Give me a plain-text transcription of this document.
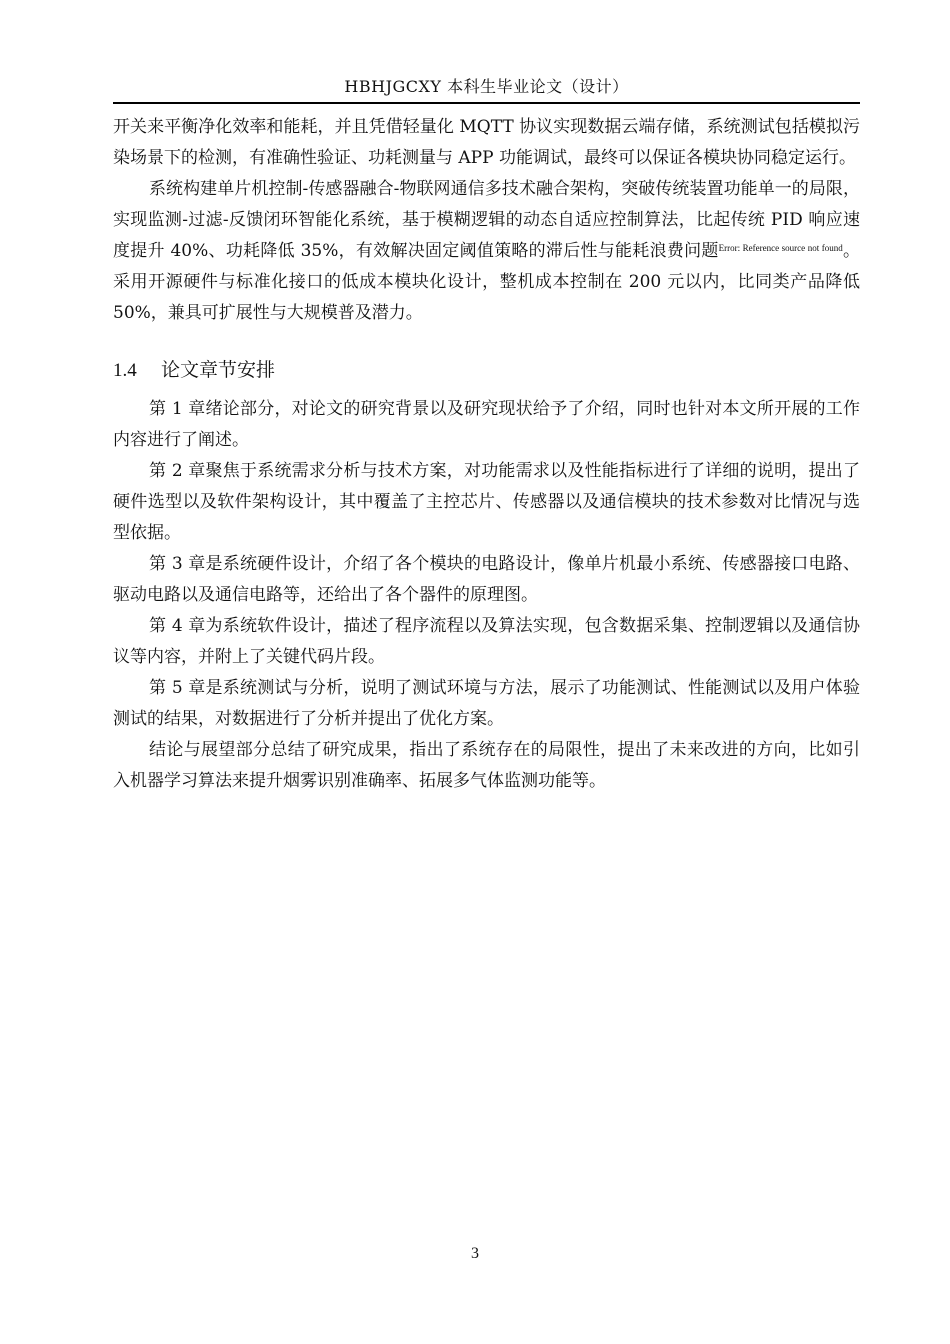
HBHJGCXY 本科生毕业论文（设计）

开关来平衡净化效率和能耗，并且凭借轻量化 MQTT 协议实现数据云端存储，系统测试包括模拟污染场景下的检测，有准确性验证、功耗测量与 APP 功能调试，最终可以保证各模块协同稳定运行。

系统构建单片机控制-传感器融合-物联网通信多技术融合架构，突破传统装置功能单一的局限，实现监测-过滤-反馈闭环智能化系统，基于模糊逻辑的动态自适应控制算法，比起传统 PID 响应速度提升 40%、功耗降低 35%，有效解决固定阈值策略的滞后性与能耗浪费问题$^{Error: Reference source not found}$。采用开源硬件与标准化接口的低成本模块化设计，整机成本控制在 200 元以内，比同类产品降低 50%，兼具可扩展性与大规模普及潜力。

1.4 论文章节安排

第 1 章绪论部分，对论文的研究背景以及研究现状给予了介绍，同时也针对本文所开展的工作内容进行了阐述。

第 2 章聚焦于系统需求分析与技术方案，对功能需求以及性能指标进行了详细的说明，提出了硬件选型以及软件架构设计，其中覆盖了主控芯片、传感器以及通信模块的技术参数对比情况与选型依据。

第 3 章是系统硬件设计，介绍了各个模块的电路设计，像单片机最小系统、传感器接口电路、驱动电路以及通信电路等，还给出了各个器件的原理图。

第 4 章为系统软件设计，描述了程序流程以及算法实现，包含数据采集、控制逻辑以及通信协议等内容，并附上了关键代码片段。

第 5 章是系统测试与分析，说明了测试环境与方法，展示了功能测试、性能测试以及用户体验测试的结果，对数据进行了分析并提出了优化方案。

结论与展望部分总结了研究成果，指出了系统存在的局限性，提出了未来改进的方向，比如引入机器学习算法来提升烟雾识别准确率、拓展多气体监测功能等。

3
